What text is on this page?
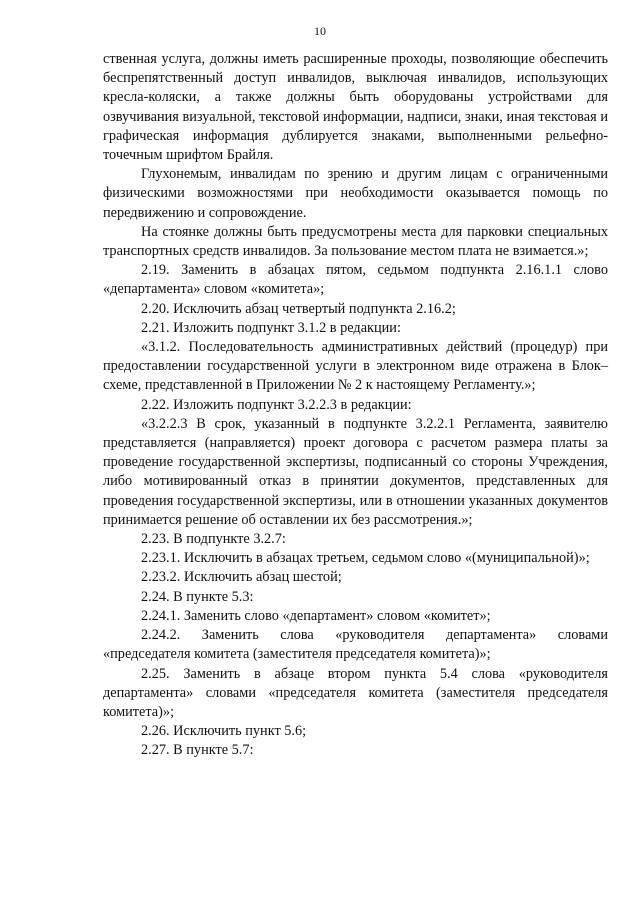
10

ственная услуга, должны иметь расширенные проходы, позволяющие обеспечить беспрепятственный доступ инвалидов, выключая инвалидов, использующих кресла-коляски, а также должны быть оборудованы устройствами для озвучивания визуальной, текстовой информации, надписи, знаки, иная текстовая и графическая информация дублируется знаками, выполненными рельефно-точечным шрифтом Брайля.

Глухонемым, инвалидам по зрению и другим лицам с ограниченными физическими возможностями при необходимости оказывается помощь по передвижению и сопровождение.

На стоянке должны быть предусмотрены места для парковки специальных транспортных средств инвалидов. За пользование местом плата не взимается.»;

2.19. Заменить в абзацах пятом, седьмом подпункта 2.16.1.1 слово «департамента» словом «комитета»;

2.20. Исключить абзац четвертый подпункта 2.16.2;

2.21. Изложить подпункт 3.1.2 в редакции:

«3.1.2. Последовательность административных действий (процедур) при предоставлении государственной услуги в электронном виде отражена в Блок–схеме, представленной в Приложении № 2 к настоящему Регламенту.»;

2.22. Изложить подпункт 3.2.2.3 в редакции:

«3.2.2.3 В срок, указанный в подпункте 3.2.2.1 Регламента, заявителю представляется (направляется) проект договора с расчетом размера платы за проведение государственной экспертизы, подписанный со стороны Учреждения, либо мотивированный отказ в принятии документов, представленных для проведения государственной экспертизы, или в отношении указанных документов принимается решение об оставлении их без рассмотрения.»;

2.23. В подпункте 3.2.7:

2.23.1. Исключить в абзацах третьем, седьмом слово «(муниципальной)»;

2.23.2. Исключить абзац шестой;

2.24. В пункте 5.3:

2.24.1. Заменить слово «департамент» словом «комитет»;

2.24.2. Заменить слова «руководителя департамента» словами «председателя комитета (заместителя председателя комитета)»;

2.25. Заменить в абзаце втором пункта 5.4 слова «руководителя департамента» словами «председателя комитета (заместителя председателя комитета)»;

2.26. Исключить пункт 5.6;

2.27. В пункте 5.7:
